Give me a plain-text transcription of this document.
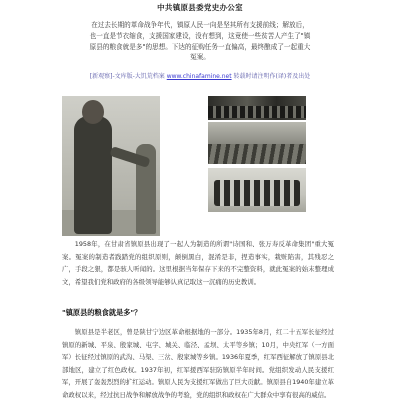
中共镇原县委党史办公室

在过去长期的革命战争年代，镇原人民一向是坚其所有支援前线；解放后，也一直是节衣缩食，支援国家建设，没有想到，这竟使一些贫苦人产生了"镇原县的粮食就是多"的思想。下达的征购任务一直偏高，最终酿成了一起重大冤案。

[新观察]-文库版-大饥荒档案 www.chinafamine.net 转载时请注明作(译)者及出处

1958年，在甘肃省镇原县出现了一起人为制造的所谓"诗国和、张万寿反革命集团"重大冤案。冤案的制造者践踏党的组织原则，颠倒黑白，混淆是非，捏造事实，栽赃陷害，其残忍之广，手段之狠，都是骇人听闻的。这里根据当年保存下来的不完整资料，就此冤案的始末整理成文，希望我们党和政府的各级领导能够认真记取这一沉痛的历史教训。

"镇原县的粮食就是多"？

镇原县是半老区，曾是陕甘宁边区革命根据地的一部分。1935年8月，红二十五军长征经过镇原的新城、平泉、殷家城、屯字、城关、临泾、孟坝、太平等乡镇；10月，中央红军（一方面军）长征经过镇原的武沟、马渠、三岔、殷家城等乡镇。1936年夏季，红军西征解放了镇原县北部地区，建立了红色政权。1937年初，红军援西军驻防镇原半年时间。党组织发动人民支援红军，开展了轰轰烈烈的扩红运动。镇原人民为支援红军做出了巨大贡献。镇原县自1940年建立革命政权以来，经过抗日战争和解放战争的考验，党的组织和政权在广大群众中享有很高的威信。
